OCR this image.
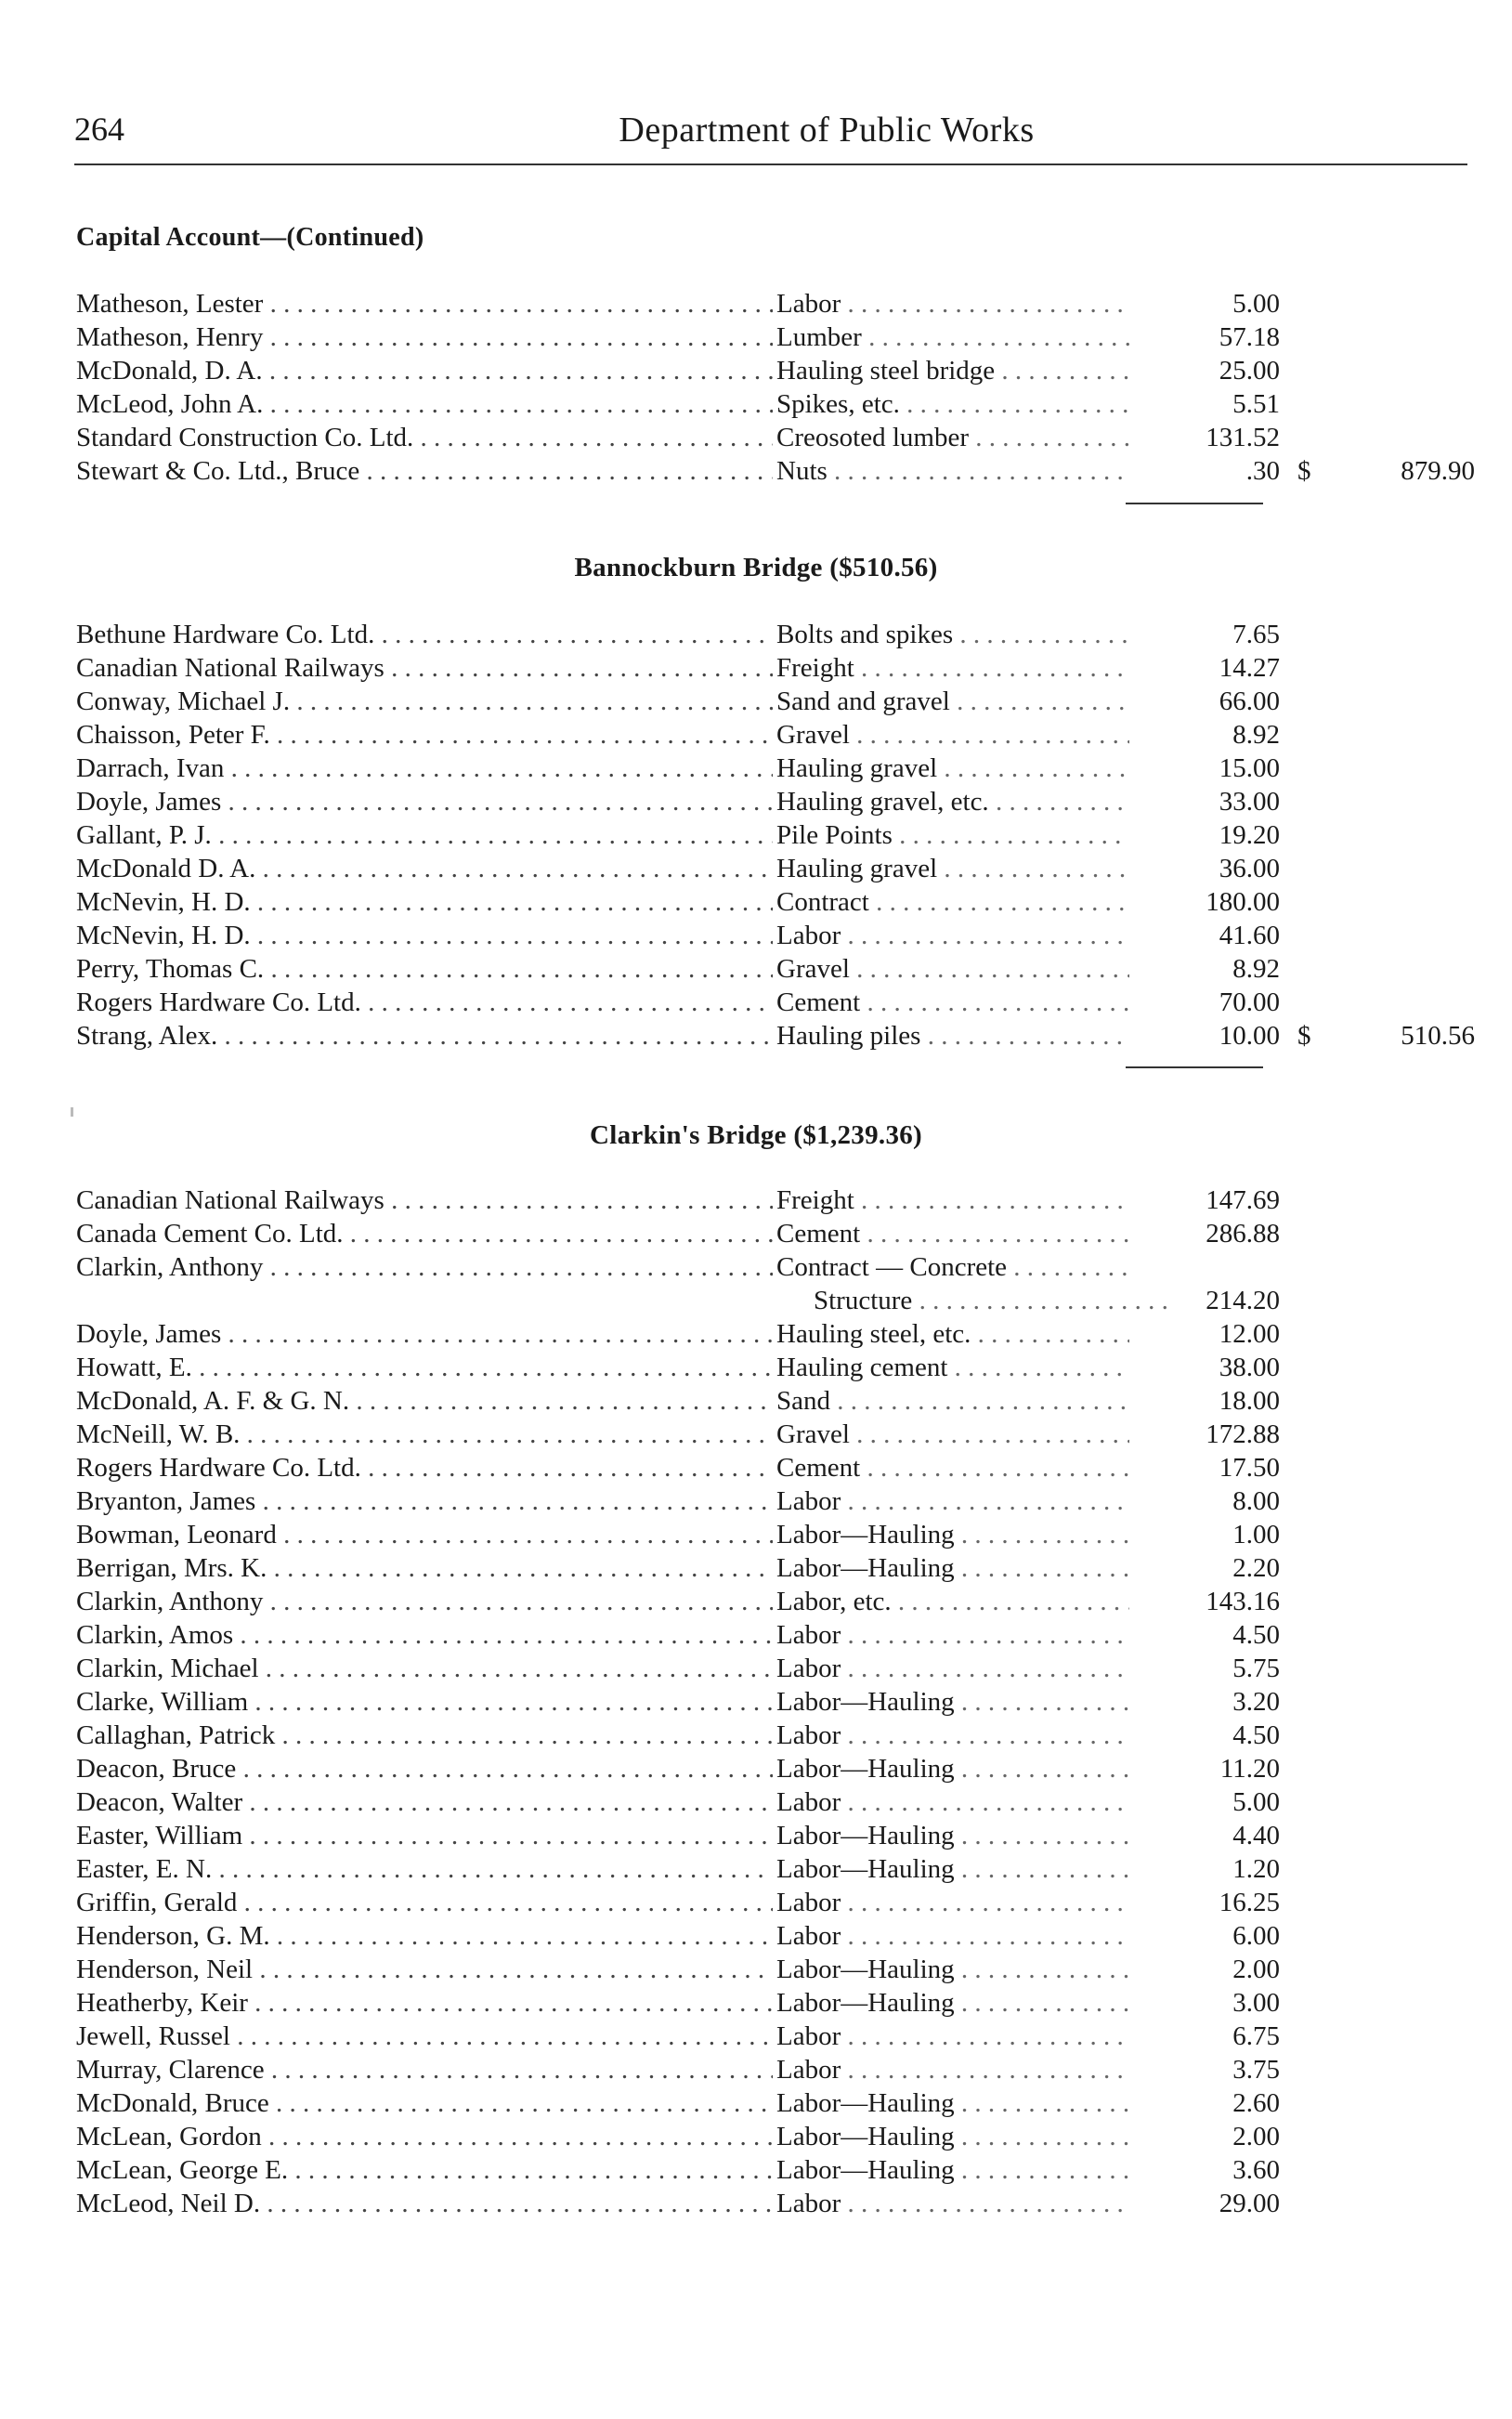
264	Department of Public Works
Capital Account—(Continued)
Matheson, Lester . . .	Labor . . .	5.00
Matheson, Henry . . .	Lumber . . .	57.18
McDonald, D. A. . . .	Hauling steel bridge . . .	25.00
McLeod, John A. . . .	Spikes, etc. . . .	5.51
Standard Construction Co. Ltd. . . .	Creosoted lumber . . .	131.52
Stewart & Co. Ltd., Bruce . . .	Nuts . . .	.30 $	879.90
Bannockburn Bridge ($510.56)
Bethune Hardware Co. Ltd. . . .	Bolts and spikes . . .	7.65
Canadian National Railways . . .	Freight . . .	14.27
Conway, Michael J. . . .	Sand and gravel . . .	66.00
Chaisson, Peter F. . . .	Gravel . . .	8.92
Darrach, Ivan . . .	Hauling gravel . . .	15.00
Doyle, James . . .	Hauling gravel, etc. . . .	33.00
Gallant, P. J. . . .	Pile Points . . .	19.20
McDonald D. A. . . .	Hauling gravel . . .	36.00
McNevin, H. D. . . .	Contract . . .	180.00
McNevin, H. D. . . .	Labor . . .	41.60
Perry, Thomas C. . . .	Gravel . . .	8.92
Rogers Hardware Co. Ltd. . . .	Cement . . .	70.00
Strang, Alex. . . .	Hauling piles . . .	10.00 $	510.56
Clarkin's Bridge ($1,239.36)
Canadian National Railways . . .	Freight . . .	147.69
Canada Cement Co. Ltd. . . .	Cement . . .	286.88
Clarkin, Anthony . . .	Contract — Concrete . . .
Structure . . .	214.20
Doyle, James . . .	Hauling steel, etc. . . .	12.00
Howatt, E. . . .	Hauling cement . . .	38.00
McDonald, A. F. & G. N. . . .	Sand . . .	18.00
McNeill, W. B. . . .	Gravel . . .	172.88
Rogers Hardware Co. Ltd. . . .	Cement . . .	17.50
Bryanton, James . . .	Labor . . .	8.00
Bowman, Leonard . . .	Labor—Hauling . . .	1.00
Berrigan, Mrs. K. . . .	Labor—Hauling . . .	2.20
Clarkin, Anthony . . .	Labor, etc. . . .	143.16
Clarkin, Amos . . .	Labor . . .	4.50
Clarkin, Michael . . .	Labor . . .	5.75
Clarke, William . . .	Labor—Hauling . . .	3.20
Callaghan, Patrick . . .	Labor . . .	4.50
Deacon, Bruce . . .	Labor—Hauling . . .	11.20
Deacon, Walter . . .	Labor . . .	5.00
Easter, William . . .	Labor—Hauling . . .	4.40
Easter, E. N. . . .	Labor—Hauling . . .	1.20
Griffin, Gerald . . .	Labor . . .	16.25
Henderson, G. M. . . .	Labor . . .	6.00
Henderson, Neil . . .	Labor—Hauling . . .	2.00
Heatherby, Keir . . .	Labor—Hauling . . .	3.00
Jewell, Russel . . .	Labor . . .	6.75
Murray, Clarence . . .	Labor . . .	3.75
McDonald, Bruce . . .	Labor—Hauling . . .	2.60
McLean, Gordon . . .	Labor—Hauling . . .	2.00
McLean, George E. . . .	Labor—Hauling . . .	3.60
McLeod, Neil D. . . .	Labor . . .	29.00
